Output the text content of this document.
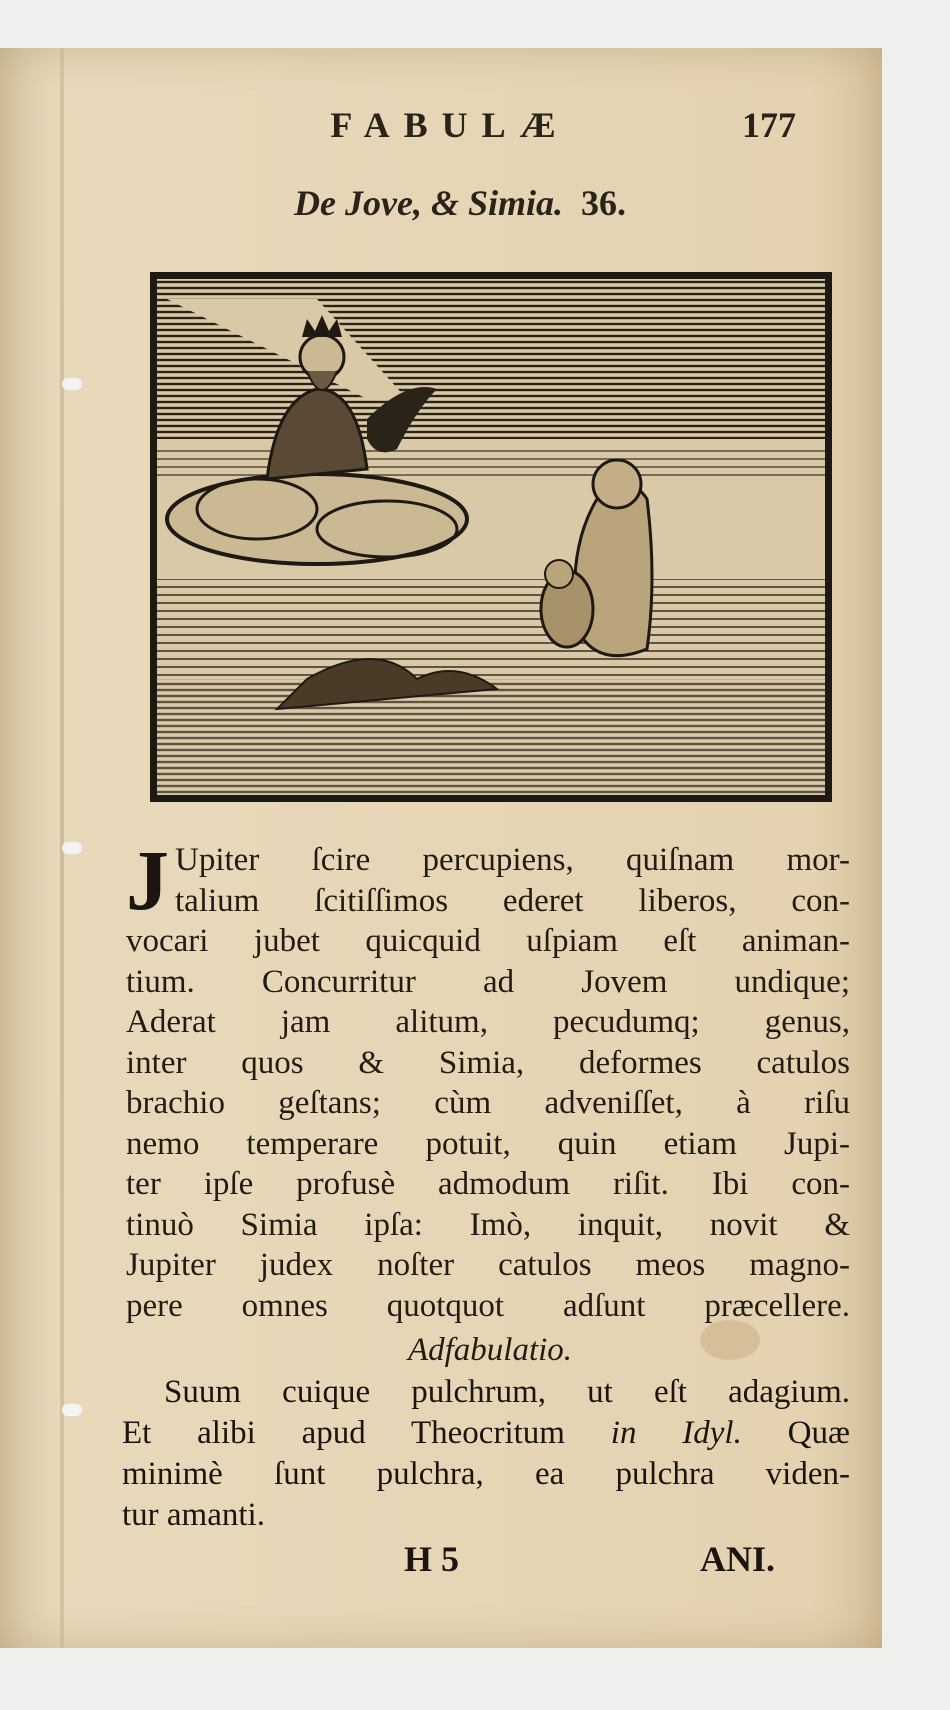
FABULÆ	177
De Jove, & Simia. 36.
J Upiter ſcire percupiens, quiſnam mor-
talium ſcitiſſimos ederet liberos, con-
vocari jubet quicquid uſpiam eſt animan-
tium. Concurritur ad Jovem undique;
Aderat jam alitum, pecudumq; genus,
inter quos & Simia, deformes catulos
brachio geſtans; cùm adveniſſet, à riſu
nemo temperare potuit, quin etiam Jupi-
ter ipſe profusè admodum riſit. Ibi con-
tinuò Simia ipſa: Imò, inquit, novit &
Jupiter judex noſter catulos meos magno-
pere omnes quotquot adſunt præcellere.
Adfabulatio.
Suum cuique pulchrum, ut eſt adagium.
Et alibi apud Theocritum in Idyl. Quæ
minimè ſunt pulchra, ea pulchra viden-
tur amanti.
H 5	ANI.
